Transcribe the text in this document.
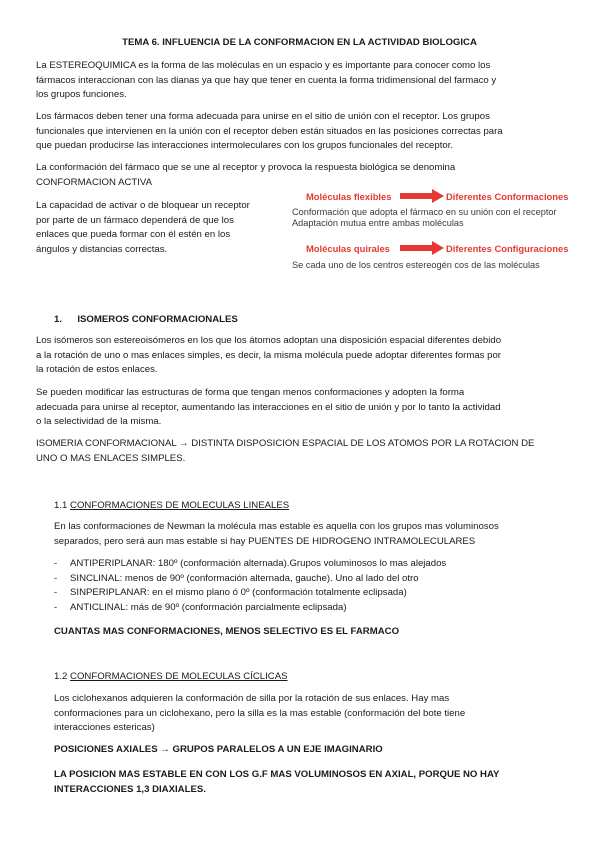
TEMA 6. INFLUENCIA DE LA CONFORMACION EN LA ACTIVIDAD BIOLOGICA

La ESTEREOQUIMICA es la forma de las moléculas en un espacio y es importante para conocer como los
fármacos interaccionan con las dianas ya que hay que tener en cuenta la forma tridimensional del farmaco y
los grupos funciones.
Los fármacos deben tener una forma adecuada para unirse en el sitio de unión con el receptor. Los grupos
funcionales que intervienen en la unión con el receptor deben están situados en las posiciones correctas para
que puedan producirse las interacciones intermoleculares con los grupos funcionales del receptor.
La conformación del fármaco que se une al receptor y provoca la respuesta biológica se denomina
CONFORMACION ACTIVA
La capacidad de activar o de bloquear un receptor
por parte de un fármaco dependerá de que los
enlaces que pueda formar con él estén en los
ángulos y distancias correctas.
Moléculas flexibles	Diferentes Conformaciones
Conformación que adopta el fármaco en su unión con el receptor
Adaptación mutua entre ambas moléculas
Moléculas quirales	Diferentes Configuraciones
Se cada uno de los centros estereogén cos de las moléculas
1. ISOMEROS CONFORMACIONALES
Los isómeros son estereoisómeros en los que los átomos adoptan una disposición espacial diferentes debido
a la rotación de uno o mas enlaces simples, es decir, la misma molécula puede adoptar diferentes formas por
la rotación de estos enlaces.
Se pueden modificar las estructuras de forma que tengan menos conformaciones y adopten la forma
adecuada para unirse al receptor, aumentando las interacciones en el sitio de unión y por lo tanto la actividad
o la selectividad de la misma.
ISOMERIA CONFORMACIONAL → DISTINTA DISPOSICION ESPACIAL DE LOS ATOMOS POR LA ROTACION DE
UNO O MAS ENLACES SIMPLES.
1.1 CONFORMACIONES DE MOLECULAS LINEALES
En las conformaciones de Newman la molécula mas estable es aquella con los grupos mas voluminosos
separados, pero será aun mas estable si hay PUENTES DE HIDROGENO INTRAMOLECULARES
- ANTIPERIPLANAR: 180º (conformación alternada).Grupos voluminosos lo mas alejados
- SINCLINAL: menos de 90º (conformación alternada, gauche). Uno al lado del otro
- SINPERIPLANAR: en el mismo plano ó 0º (conformación totalmente eclipsada)
- ANTICLINAL: más de 90º (conformación parcialmente eclipsada)
CUANTAS MAS CONFORMACIONES, MENOS SELECTIVO ES EL FARMACO
1.2 CONFORMACIONES DE MOLECULAS CÍCLICAS
Los ciclohexanos adquieren la conformación de silla por la rotación de sus enlaces. Hay mas
conformaciones para un ciclohexano, pero la silla es la mas estable (conformación del bote tiene
interacciones estericas)
POSICIONES AXIALES → GRUPOS PARALELOS A UN EJE IMAGINARIO
LA POSICION MAS ESTABLE EN CON LOS G.F MAS VOLUMINOSOS EN AXIAL, PORQUE NO HAY
INTERACCIONES 1,3 DIAXIALES.
